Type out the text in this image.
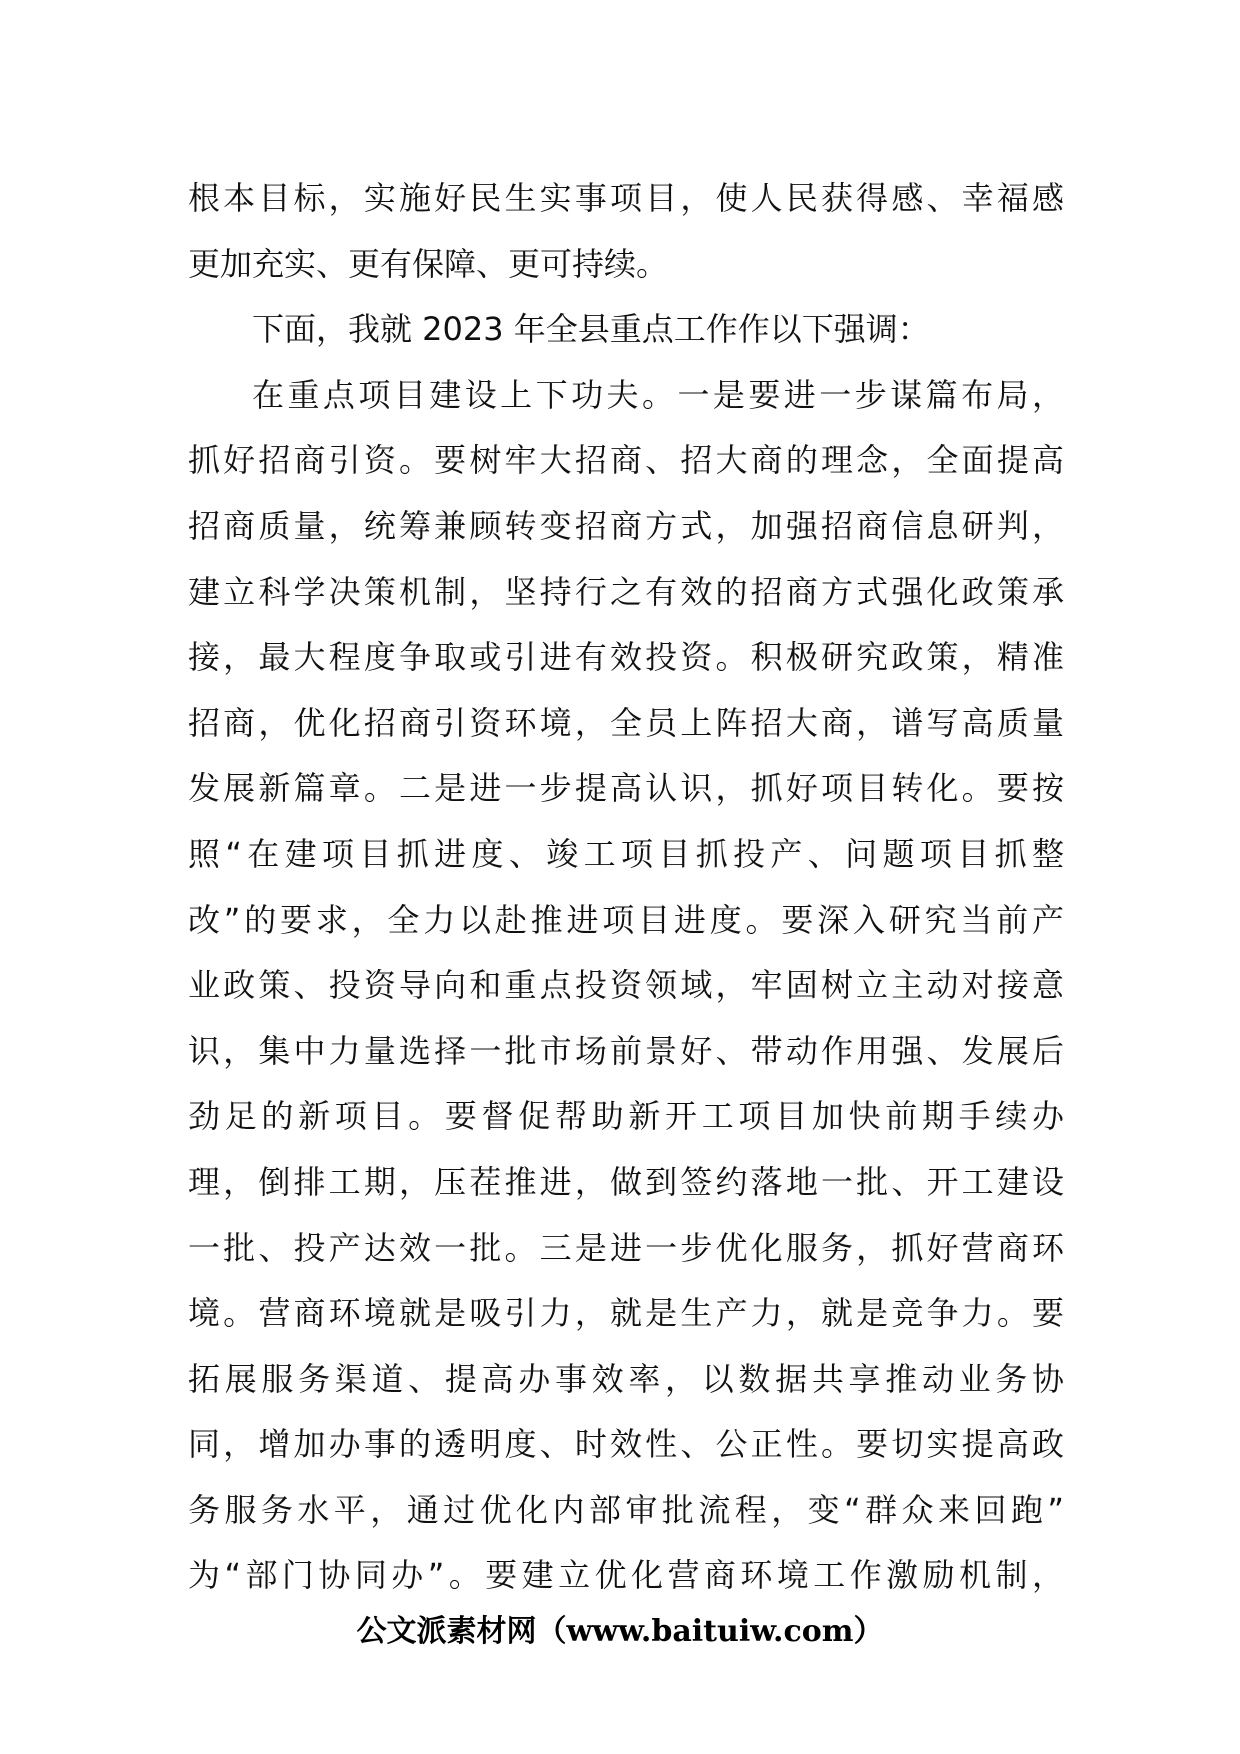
根本目标，实施好民生实事项目，使人民获得感、幸福感
更加充实、更有保障、更可持续。
下面，我就 2023 年全县重点工作作以下强调：
在重点项目建设上下功夫。一是要进一步谋篇布局，
抓好招商引资。要树牢大招商、招大商的理念，全面提高
招商质量，统筹兼顾转变招商方式，加强招商信息研判，
建立科学决策机制，坚持行之有效的招商方式强化政策承
接，最大程度争取或引进有效投资。积极研究政策，精准
招商，优化招商引资环境，全员上阵招大商，谱写高质量
发展新篇章。二是进一步提高认识，抓好项目转化。要按
照“在建项目抓进度、竣工项目抓投产、问题项目抓整
改”的要求，全力以赴推进项目进度。要深入研究当前产
业政策、投资导向和重点投资领域，牢固树立主动对接意
识，集中力量选择一批市场前景好、带动作用强、发展后
劲足的新项目。要督促帮助新开工项目加快前期手续办
理，倒排工期，压茬推进，做到签约落地一批、开工建设
一批、投产达效一批。三是进一步优化服务，抓好营商环
境。营商环境就是吸引力，就是生产力，就是竞争力。要
拓展服务渠道、提高办事效率，以数据共享推动业务协
同，增加办事的透明度、时效性、公正性。要切实提高政
务服务水平，通过优化内部审批流程，变“群众来回跑”
为“部门协同办”。要建立优化营商环境工作激励机制，
公文派素材网（www.baituiw.com）
